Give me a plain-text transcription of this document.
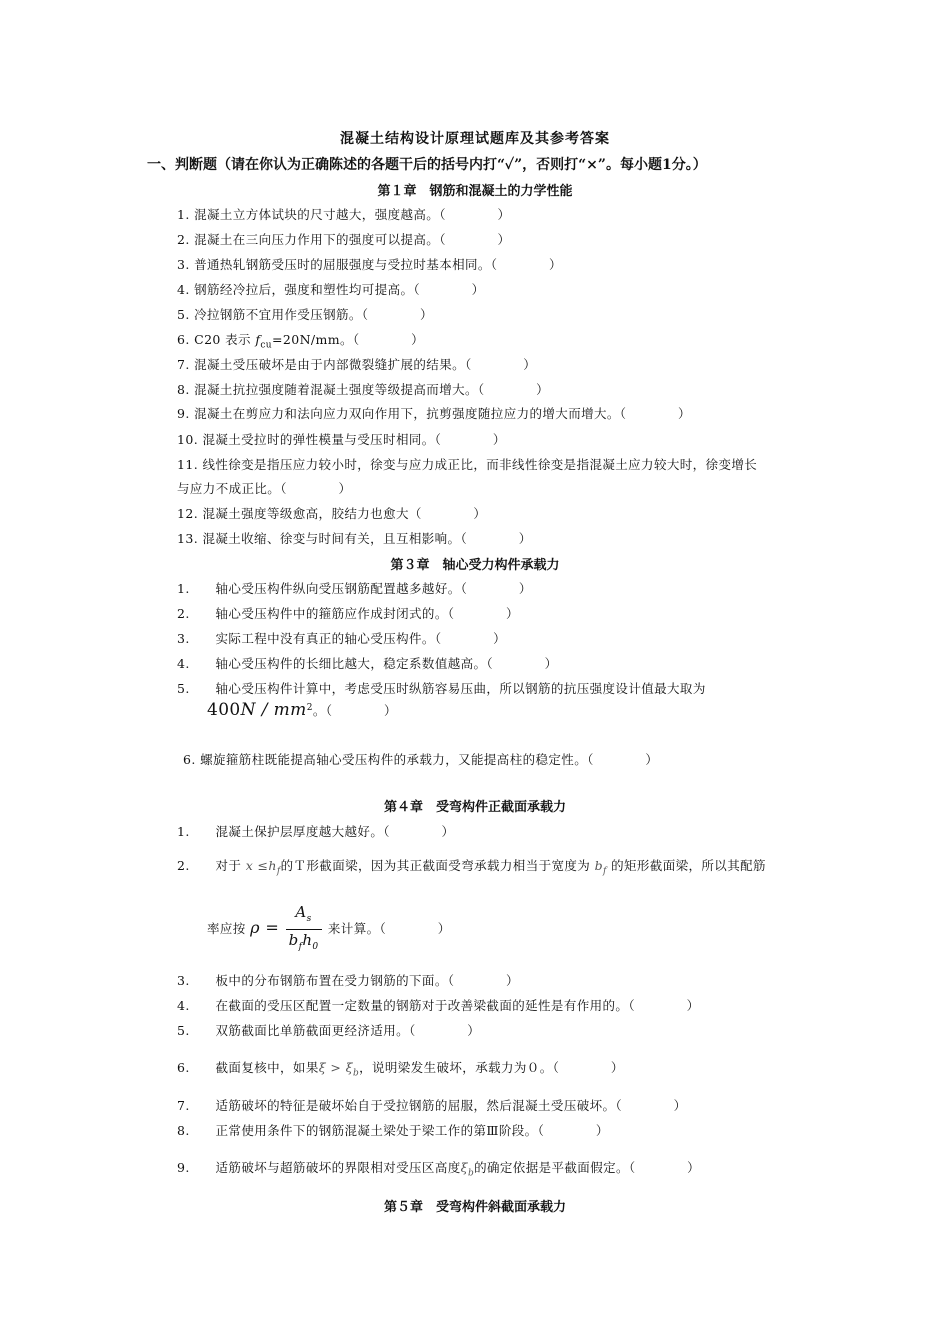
混凝土结构设计原理试题库及其参考答案
一、判断题（请在你认为正确陈述的各题干后的括号内打“✓”，否则打“×”。每小题1分。）
第１章　钢筋和混凝土的力学性能
1. 混凝土立方体试块的尺寸越大，强度越高。（　　　　）
2. 混凝土在三向压力作用下的强度可以提高。（　　　　）
3. 普通热轧钢筋受压时的屈服强度与受拉时基本相同。（　　　　）
4. 钢筋经冷拉后，强度和塑性均可提高。（　　　　）
5. 冷拉钢筋不宜用作受压钢筋。（　　　　）
6. C20 表示 $f_{cu}=20N/mm$。（　　　　）
7. 混凝土受压破坏是由于内部微裂缝扩展的结果。（　　　　）
8. 混凝土抗拉强度随着混凝土强度等级提高而增大。（　　　　）
9. 混凝土在剪应力和法向应力双向作用下，抗剪强度随拉应力的增大而增大。（　　　　）
10. 混凝土受拉时的弹性模量与受压时相同。（　　　　）
11. 线性徐变是指压应力较小时，徐变与应力成正比，而非线性徐变是指混凝土应力较大时，徐变增长
与应力不成正比。（　　　　）
12. 混凝土强度等级愈高，胶结力也愈大（　　　　）
13. 混凝土收缩、徐变与时间有关，且互相影响。（　　　　）
第３章　轴心受力构件承载力
1.　　轴心受压构件纵向受压钢筋配置越多越好。（　　　　）
2.　　轴心受压构件中的箍筋应作成封闭式的。（　　　　）
3.　　实际工程中没有真正的轴心受压构件。（　　　　）
4.　　轴心受压构件的长细比越大，稳定系数值越高。（　　　　）
5.　　轴心受压构件计算中，考虑受压时纵筋容易压曲，所以钢筋的抗压强度设计值最大取为
$400N / mm^2$。（　　　　）
6. 螺旋箍筋柱既能提高轴心受压构件的承载力，又能提高柱的稳定性。（　　　　）
第４章　受弯构件正截面承载力
1.　　混凝土保护层厚度越大越好。（　　　　）
2.　　对于 $x \le h_f$的Ｔ形截面梁，因为其正截面受弯承载力相当于宽度为 $b_f$ 的矩形截面梁，所以其配筋
率应按 $\rho = \frac{A_s}{b_fh_0}$ 来计算。（　　　　）
3.　　板中的分布钢筋布置在受力钢筋的下面。（　　　　）
4.　　在截面的受压区配置一定数量的钢筋对于改善梁截面的延性是有作用的。（　　　　）
5.　　双筋截面比单筋截面更经济适用。（　　　　）
6.　　截面复核中，如果$\xi > \xi_b$，说明梁发生破坏，承载力为０。（　　　　）
7.　　适筋破坏的特征是破坏始自于受拉钢筋的屈服，然后混凝土受压破坏。（　　　　）
8.　　正常使用条件下的钢筋混凝土梁处于梁工作的第Ⅲ阶段。（　　　　）
9.　　适筋破坏与超筋破坏的界限相对受压区高度$\xi_b$的确定依据是平截面假定。（　　　　）
第５章　受弯构件斜截面承载力
